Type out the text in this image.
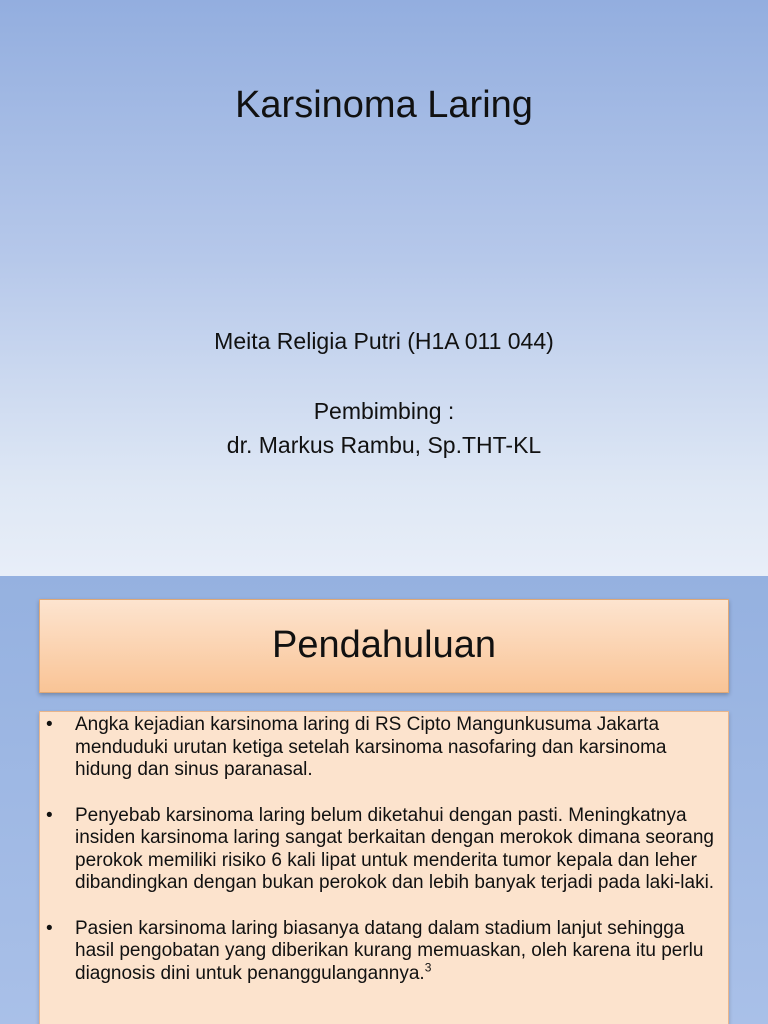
Karsinoma Laring
Meita Religia Putri (H1A 011 044)
Pembimbing :
dr. Markus Rambu, Sp.THT-KL
Pendahuluan
• Angka kejadian karsinoma laring di RS Cipto Mangunkusuma Jakarta menduduki urutan ketiga setelah karsinoma nasofaring dan karsinoma hidung dan sinus paranasal.
• Penyebab karsinoma laring belum diketahui dengan pasti. Meningkatnya insiden karsinoma laring sangat berkaitan dengan merokok dimana seorang perokok memiliki risiko 6 kali lipat untuk menderita tumor kepala dan leher dibandingkan dengan bukan perokok dan lebih banyak terjadi pada laki-laki.
• Pasien karsinoma laring biasanya datang dalam stadium lanjut sehingga hasil pengobatan yang diberikan kurang memuaskan, oleh karena itu perlu diagnosis dini untuk penanggulangannya.$^3$
